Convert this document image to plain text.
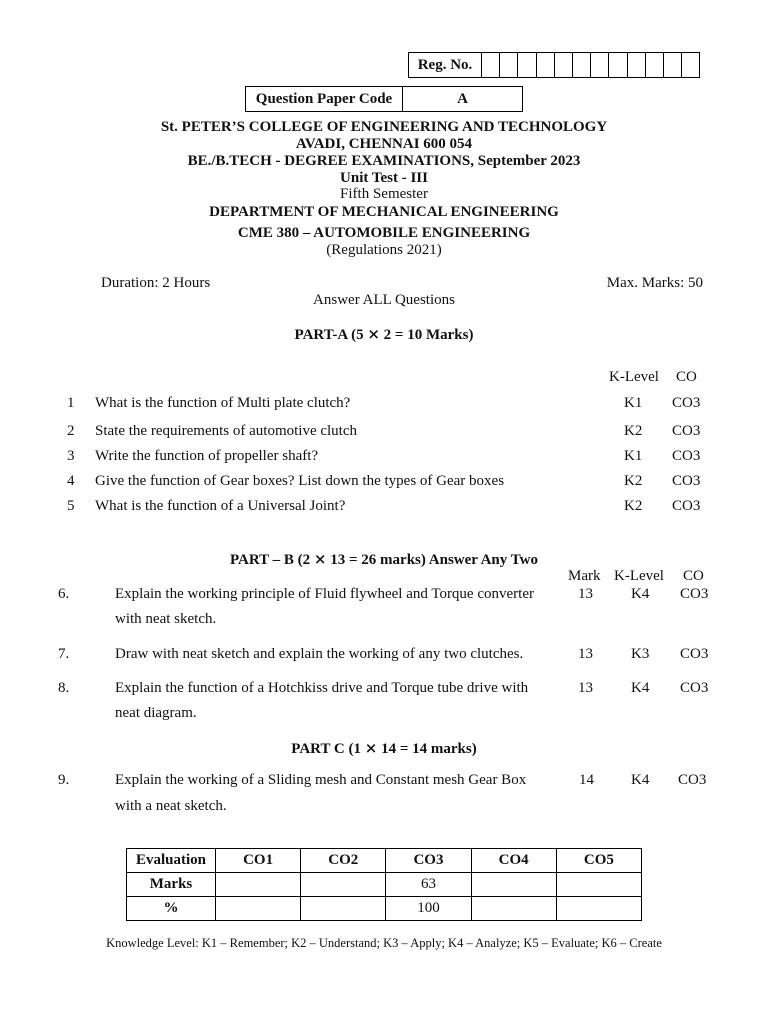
Reg. No.
Question Paper Code	A
St. PETER’S COLLEGE OF ENGINEERING AND TECHNOLOGY
AVADI, CHENNAI 600 054
BE./B.TECH - DEGREE EXAMINATIONS, September 2023
Unit Test - III
Fifth Semester
DEPARTMENT OF MECHANICAL ENGINEERING
CME 380 – AUTOMOBILE ENGINEERING
(Regulations 2021)
Duration: 2 Hours	Max. Marks: 50
Answer ALL Questions
PART-A (5 ⨯ 2 = 10 Marks)
K-Level CO
1 What is the function of Multi plate clutch?	K1 CO3
2 State the requirements of automotive clutch	K2 CO3
3 Write the function of propeller shaft?	K1 CO3
4 Give the function of Gear boxes? List down the types of Gear boxes	K2 CO3
5 What is the function of a Universal Joint?	K2 CO3
PART – B (2 ⨯ 13 = 26 marks) Answer Any Two
Mark K-Level CO
6.	Explain the working principle of Fluid flywheel and Torque converter
with neat sketch.
13	K4 CO3
7.	Draw with neat sketch and explain the working of any two clutches.	13	K3 CO3
8.	Explain the function of a Hotchkiss drive and Torque tube drive with
neat diagram.
13	K4 CO3
PART C (1 ⨯ 14 = 14 marks)
9.	Explain the working of a Sliding mesh and Constant mesh Gear Box
with a neat sketch.
14 K4 CO3
Evaluation	CO1	CO2	CO3	CO4	CO5
Marks			63		
%			100		
Knowledge Level: K1 – Remember; K2 – Understand; K3 – Apply; K4 – Analyze; K5 – Evaluate; K6 – Create
